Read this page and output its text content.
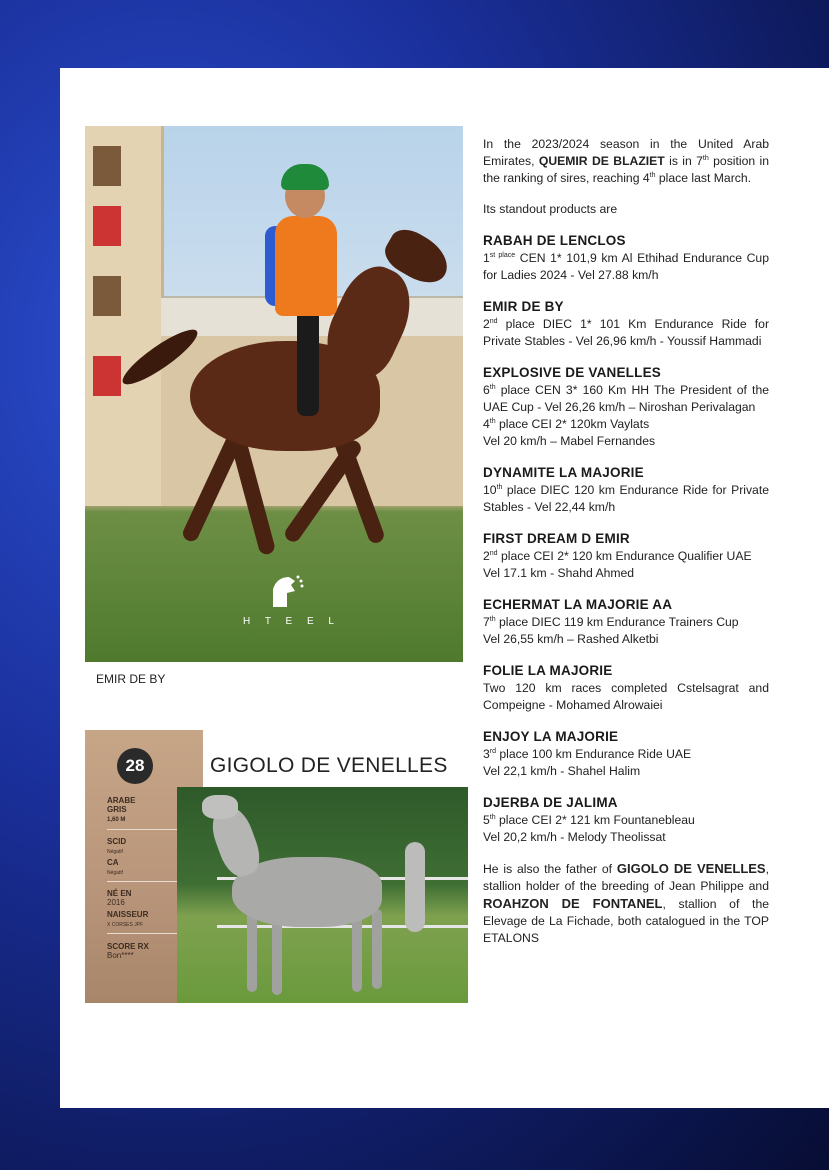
H T E E L
EMIR DE BY
28
ARABE
GRIS
1,60 M
SCID
Négatif
CA
Négatif
NÉ EN
2016
NAISSEUR
X CORSES JPF
SCORE RX
Bon****
GIGOLO DE VENELLES

In the 2023/2024 season in the United Arab Emirates, QUEMIR DE BLAZIET is in 7th position in the ranking of sires, reaching 4th place last March.

Its standout products are

RABAH DE LENCLOS

$1^{st place}$ CEN 1* 101,9 km Al Ethihad Endurance Cup for Ladies 2024 - Vel 27.88 km/h

EMIR DE BY

2nd place DIEC 1* 101 Km Endurance Ride for Private Stables - Vel 26,96 km/h - Youssif Hammadi

EXPLOSIVE DE VANELLES

6th place CEN 3* 160 Km HH The President of the UAE Cup - Vel 26,26 km/h – Niroshan Perivalagan

4th place CEI 2* 120km Vaylats

Vel 20 km/h – Mabel Fernandes

DYNAMITE LA MAJORIE

10th place DIEC 120 km Endurance Ride for Private Stables - Vel 22,44 km/h

FIRST DREAM D EMIR

2nd place CEI 2* 120 km Endurance Qualifier UAE

Vel 17.1 km - Shahd Ahmed

ECHERMAT LA MAJORIE AA

7th place DIEC 119 km Endurance Trainers Cup

Vel 26,55 km/h – Rashed Alketbi

FOLIE LA MAJORIE

Two 120 km races completed Cstelsagrat and Compeigne - Mohamed Alrowaiei

ENJOY LA MAJORIE

3rd place 100 km Endurance Ride UAE

Vel 22,1 km/h - Shahel Halim

DJERBA DE JALIMA

5th place CEI 2* 121 km Fountanebleau

Vel 20,2 km/h - Melody Theolissat

He is also the father of GIGOLO DE VENELLES, stallion holder of the breeding of Jean Philippe and ROAHZON DE FONTANEL, stallion of the Elevage de La Fichade, both catalogued in the TOP ETALONS
